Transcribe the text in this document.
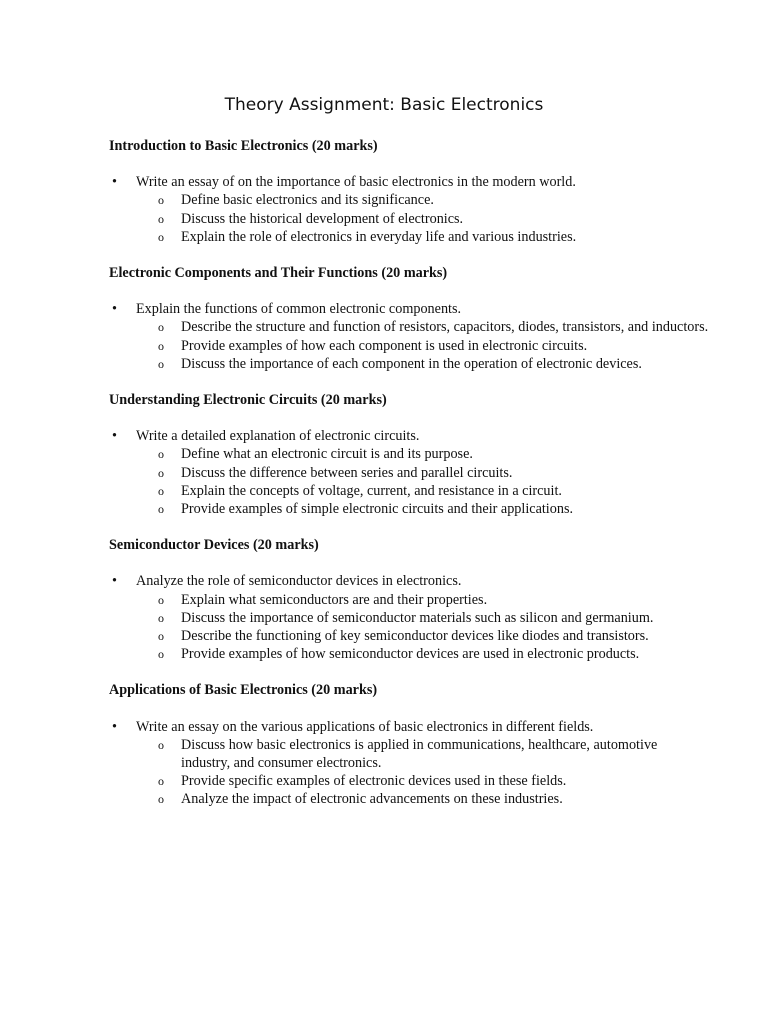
Theory Assignment: Basic Electronics
Introduction to Basic Electronics (20 marks)
• Write an essay of on the importance of basic electronics in the modern world.
o Define basic electronics and its significance.
o Discuss the historical development of electronics.
o Explain the role of electronics in everyday life and various industries.
Electronic Components and Their Functions (20 marks)
• Explain the functions of common electronic components.
o Describe the structure and function of resistors, capacitors, diodes, transistors, and inductors.
o Provide examples of how each component is used in electronic circuits.
o Discuss the importance of each component in the operation of electronic devices.
Understanding Electronic Circuits (20 marks)
• Write a detailed explanation of electronic circuits.
o Define what an electronic circuit is and its purpose.
o Discuss the difference between series and parallel circuits.
o Explain the concepts of voltage, current, and resistance in a circuit.
o Provide examples of simple electronic circuits and their applications.
Semiconductor Devices (20 marks)
• Analyze the role of semiconductor devices in electronics.
o Explain what semiconductors are and their properties.
o Discuss the importance of semiconductor materials such as silicon and germanium.
o Describe the functioning of key semiconductor devices like diodes and transistors.
o Provide examples of how semiconductor devices are used in electronic products.
Applications of Basic Electronics (20 marks)
• Write an essay on the various applications of basic electronics in different fields.
o Discuss how basic electronics is applied in communications, healthcare, automotive industry, and consumer electronics.
o Provide specific examples of electronic devices used in these fields.
o Analyze the impact of electronic advancements on these industries.
